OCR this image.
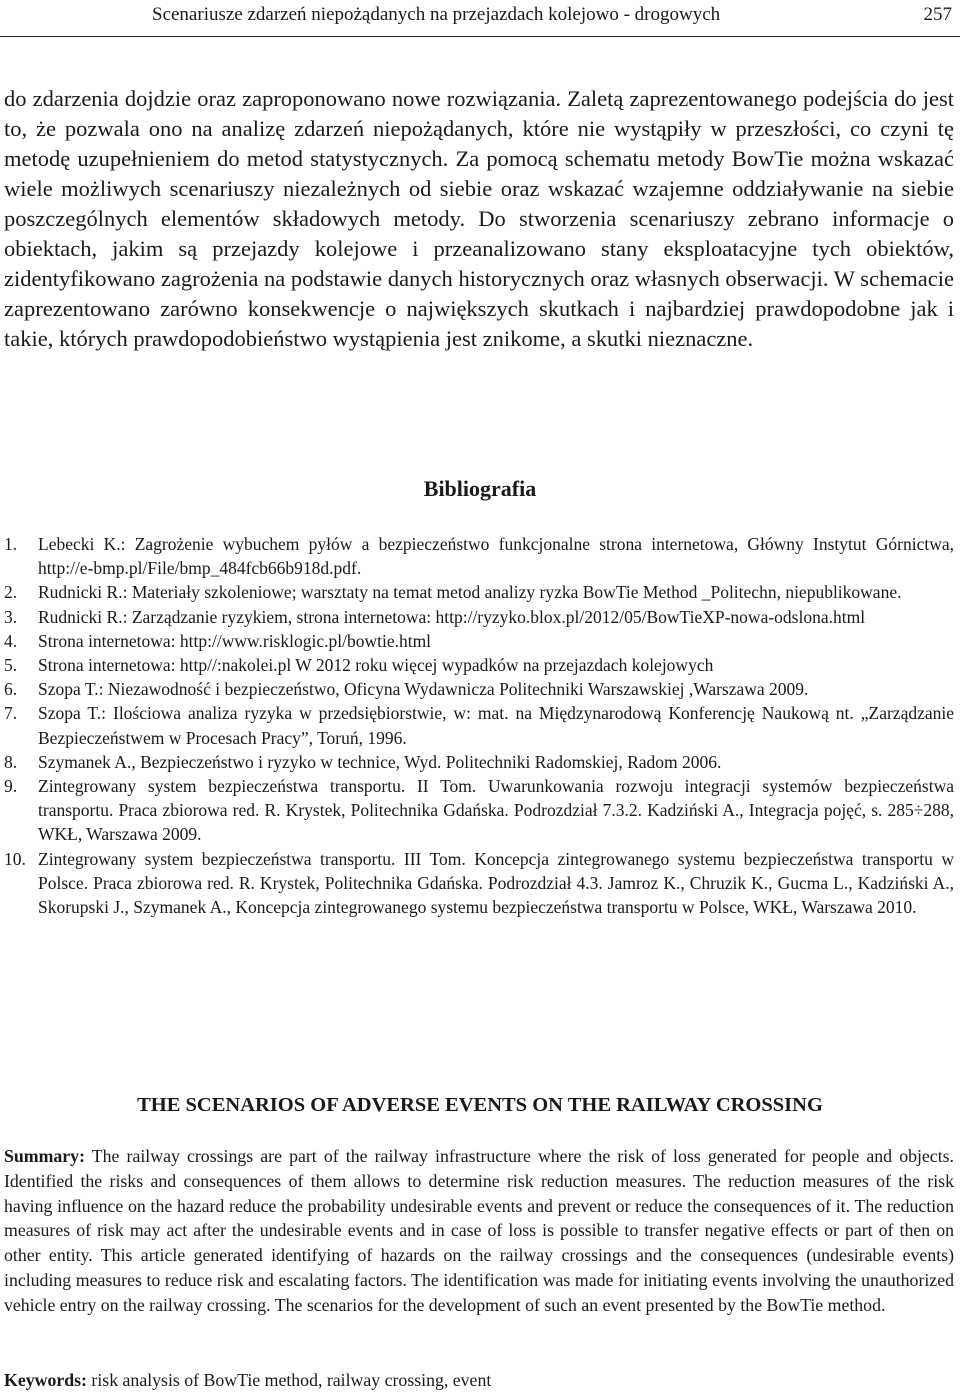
Scenariusze zdarzeń niepożądanych na przejazdach kolejowo - drogowych	257

do zdarzenia dojdzie oraz zaproponowano nowe rozwiązania. Zaletą zaprezentowanego podejścia do jest to, że pozwala ono na analizę zdarzeń niepożądanych, które nie wystąpiły w przeszłości, co czyni tę metodę uzupełnieniem do metod statystycznych. Za pomocą schematu metody BowTie można wskazać wiele możliwych scenariuszy niezależnych od siebie oraz wskazać wzajemne oddziaływanie na siebie poszczególnych elementów składowych metody. Do stworzenia scenariuszy zebrano informacje o obiektach, jakim są przejazdy kolejowe i przeanalizowano stany eksploatacyjne tych obiektów, zidentyfikowano zagrożenia na podstawie danych historycznych oraz własnych obserwacji. W schemacie zaprezentowano zarówno konsekwencje o największych skutkach i najbardziej prawdopodobne jak i takie, których prawdopodobieństwo wystąpienia jest znikome, a skutki nieznaczne.

Bibliografia
1. Lebecki K.: Zagrożenie wybuchem pyłów a bezpieczeństwo funkcjonalne strona internetowa, Główny Instytut Górnictwa, http://e-bmp.pl/File/bmp_484fcb66b918d.pdf.
2. Rudnicki R.: Materiały szkoleniowe; warsztaty na temat metod analizy ryzka BowTie Method _Politechn, niepublikowane.
3. Rudnicki R.: Zarządzanie ryzykiem, strona internetowa: http://ryzyko.blox.pl/2012/05/BowTieXP-nowa-odslona.html
4. Strona internetowa: http://www.risklogic.pl/bowtie.html
5. Strona internetowa: http//:nakolei.pl W 2012 roku więcej wypadków na przejazdach kolejowych
6. Szopa T.: Niezawodność i bezpieczeństwo, Oficyna Wydawnicza Politechniki Warszawskiej ,Warszawa 2009.
7. Szopa T.: Ilościowa analiza ryzyka w przedsiębiorstwie, w: mat. na Międzynarodową Konferencję Naukową nt. „Zarządzanie Bezpieczeństwem w Procesach Pracy”, Toruń, 1996.
8. Szymanek A., Bezpieczeństwo i ryzyko w technice, Wyd. Politechniki Radomskiej, Radom 2006.
9. Zintegrowany system bezpieczeństwa transportu. II Tom. Uwarunkowania rozwoju integracji systemów bezpieczeństwa transportu. Praca zbiorowa red. R. Krystek, Politechnika Gdańska. Podrozdział 7.3.2. Kadziński A., Integracja pojęć, s. 285÷288, WKŁ, Warszawa 2009.
10. Zintegrowany system bezpieczeństwa transportu. III Tom. Koncepcja zintegrowanego systemu bezpieczeństwa transportu w Polsce. Praca zbiorowa red. R. Krystek, Politechnika Gdańska. Podrozdział 4.3. Jamroz K., Chruzik K., Gucma L., Kadziński A., Skorupski J., Szymanek A., Koncepcja zintegrowanego systemu bezpieczeństwa transportu w Polsce, WKŁ, Warszawa 2010.
THE SCENARIOS OF ADVERSE EVENTS ON THE RAILWAY CROSSING

Summary: The railway crossings are part of the railway infrastructure where the risk of loss generated for people and objects. Identified the risks and consequences of them allows to determine risk reduction measures. The reduction measures of the risk having influence on the hazard reduce the probability undesirable events and prevent or reduce the consequences of it. The reduction measures of risk may act after the undesirable events and in case of loss is possible to transfer negative effects or part of then on other entity. This article generated identifying of hazards on the railway crossings and the consequences (undesirable events) including measures to reduce risk and escalating factors. The identification was made for initiating events involving the unauthorized vehicle entry on the railway crossing. The scenarios for the development of such an event presented by the BowTie method.

Keywords: risk analysis of BowTie method, railway crossing, event
